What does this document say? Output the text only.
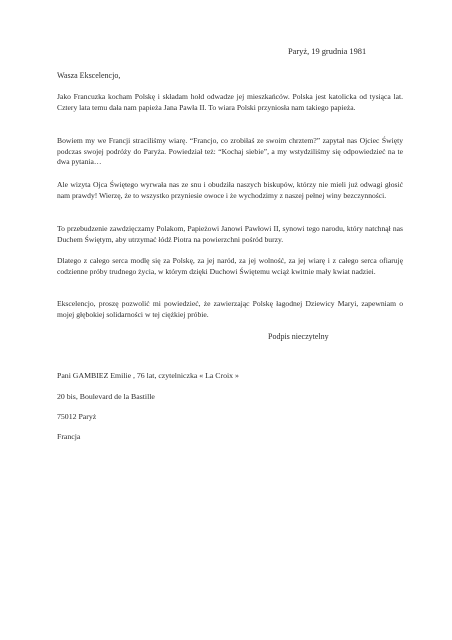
Paryż, 19 grudnia 1981
Wasza Ekscelencjo,

Jako Francuzka kocham Polskę i składam hołd odwadze jej mieszkańców. Polska jest katolicka od tysiąca lat. Cztery lata temu dała nam papieża Jana Pawła II. To wiara Polski przyniosła nam takiego papieża.

Bowiem my we Francji straciliśmy wiarę. “Francjo, co zrobiłaś ze swoim chrztem?” zapytał nas Ojciec Święty podczas swojej podróży do Paryża. Powiedział też: “Kochaj siebie”, a my wstydziliśmy się odpowiedzieć na te dwa pytania…

Ale wizyta Ojca Świętego wyrwała nas ze snu i obudziła naszych biskupów, którzy nie mieli już odwagi głosić nam prawdy! Wierzę, że to wszystko przyniesie owoce i że wychodzimy z naszej pełnej winy bezczynności.

To przebudzenie zawdzięczamy Polakom, Papieżowi Janowi Pawłowi II, synowi tego narodu, który natchnął nas Duchem Świętym, aby utrzymać łódź Piotra na powierzchni pośród burzy.

Dlatego z całego serca modlę się za Polskę, za jej naród, za jej wolność, za jej wiarę i z całego serca ofiaruję codzienne próby trudnego życia, w którym dzięki Duchowi Świętemu wciąż kwitnie mały kwiat nadziei.

Ekscelencjo, proszę pozwolić mi powiedzieć, że zawierzając Polskę łagodnej Dziewicy Maryi, zapewniam o mojej głębokiej solidarności w tej ciężkiej próbie.

Podpis nieczytelny
Pani GAMBIEZ Emilie , 76 lat, czytelniczka « La Croix »
20 bis, Boulevard de la Bastille
75012 Paryż
Francja
